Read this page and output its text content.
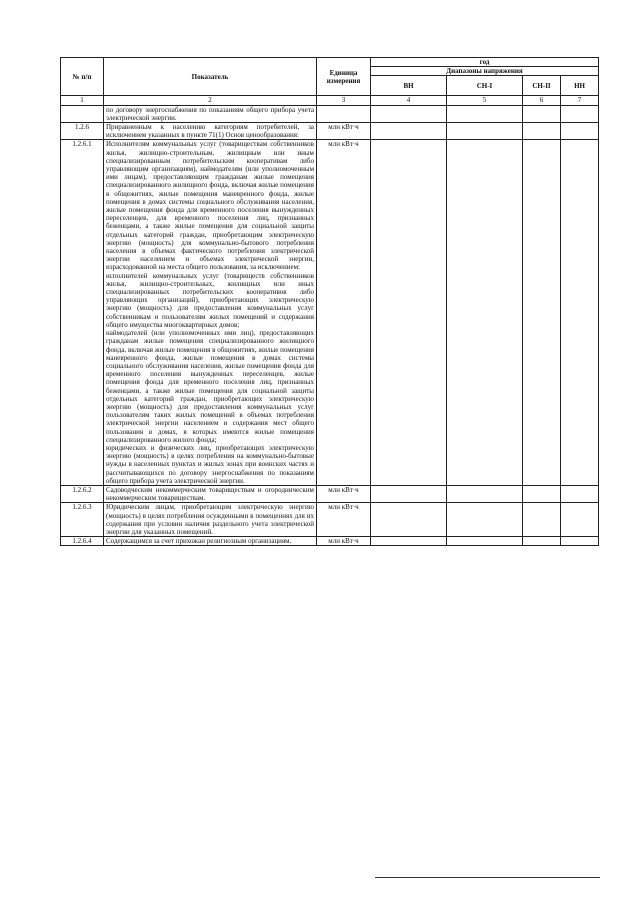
№ п/п	Показатель	Единица измерения	год			
			Диапазоны напряжения			
			ВН	СН-I	СН-II	НН
1	2	3	4	5	6	7
	по договору энергоснабжения по показаниям общего прибора учета электрической энергии.					
1.2.6	Приравненным к населению категориям потребителей, за исключением указанных в пункте 71(1) Основ ценообразования:	млн кВт·ч				
1.2.6.1	Исполнителям коммунальных услуг (товариществам собственников жилья, жилищно-строительным, жилищным или иным специализированным потребительским кооперативам либо управляющим организациям), наймодателям (или уполномоченным ими лицам), предоставляющим гражданам жилые помещения специализированного жилищного фонда, включая жилые помещения в общежитиях, жилые помещения маневренного фонда, жилые помещения в домах системы социального обслуживания населения, жилые помещения фонда для временного поселения вынужденных переселенцев, для временного поселения лиц, признанных беженцами, а также жилые помещения для социальной защиты отдельных категорий граждан, приобретающим электрическую энергию (мощность) для коммунально-бытового потребления населения в объемах фактического потребления электрической энергии населением и объемах электрической энергии, израсходованной на места общего пользования, за исключением:
исполнителей коммунальных услуг (товариществ собственников жилья, жилищно-строительных, жилищных или иных специализированных потребительских кооперативов либо управляющих организаций), приобретающих электрическую энергию (мощность) для предоставления коммунальных услуг собственникам и пользователям жилых помещений и содержания общего имущества многоквартирных домов;
наймодателей (или уполномоченных ими лиц), предоставляющих гражданам жилые помещения специализированного жилищного фонда, включая жилые помещения в общежитиях, жилые помещения маневренного фонда, жилые помещения в домах системы социального обслуживания населения, жилые помещения фонда для временного поселения вынужденных переселенцев, жилые помещения фонда для временного поселения лиц, признанных беженцами, а также жилые помещения для социальной защиты отдельных категорий граждан, приобретающих электрическую энергию (мощность) для предоставления коммунальных услуг пользователям таких жилых помещений в объемах потребления электрической энергии населением и содержания мест общего пользования в домах, в которых имеются жилые помещения специализированного жилого фонда;
юридических и физических лиц, приобретающих электрическую энергию (мощность) в целях потребления на коммунально-бытовые нужды в населенных пунктах и жилых зонах при воинских частях и рассчитывающихся по договору энергоснабжения по показаниям общего прибора учета электрической энергии.	млн кВт·ч				
1.2.6.2	Садоводческим некоммерческим товариществам и огородническим некоммерческим товариществам.	млн кВт·ч				
1.2.6.3	Юридическим лицам, приобретающим электрическую энергию (мощность) в целях потребления осужденными в помещениях для их содержания при условии наличия раздельного учета электрической энергии для указанных помещений.	млн кВт·ч				
1.2.6.4	Содержащимся за счет прихожан религиозным организациям.	млн кВт·ч				
